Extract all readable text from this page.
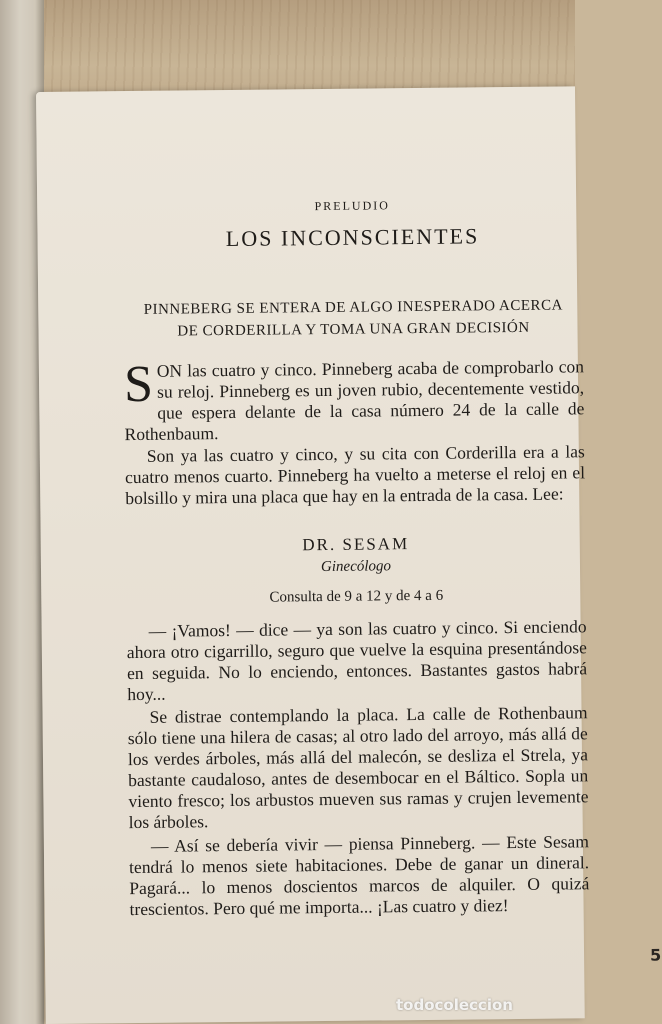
PRELUDIO
LOS INCONSCIENTES
PINNEBERG SE ENTERA DE ALGO INESPERADO ACERCA
DE CORDERILLA Y TOMA UNA GRAN DECISIÓN
SON las cuatro y cinco. Pinneberg acaba de comprobarlo con su reloj. Pinneberg es un joven rubio, decentemente vestido, que espera delante de la casa número 24 de la calle de Rothenbaum.
Son ya las cuatro y cinco, y su cita con Corderilla era a las cuatro menos cuarto. Pinneberg ha vuelto a meterse el reloj en el bolsillo y mira una placa que hay en la entrada de la casa. Lee:
DR. SESAM
Ginecólogo
Consulta de 9 a 12 y de 4 a 6
— ¡Vamos! — dice — ya son las cuatro y cinco. Si enciendo ahora otro cigarrillo, seguro que vuelve la esquina presentándose en seguida. No lo enciendo, entonces. Bastantes gastos habrá hoy...
Se distrae contemplando la placa. La calle de Rothenbaum sólo tiene una hilera de casas; al otro lado del arroyo, más allá de los verdes árboles, más allá del malecón, se desliza el Strela, ya bastante caudaloso, antes de desembocar en el Báltico. Sopla un viento fresco; los arbustos mueven sus ramas y crujen levemente los árboles.
— Así se debería vivir — piensa Pinneberg. — Este Sesam tendrá lo menos siete habitaciones. Debe de ganar un dineral. Pagará... lo menos doscientos marcos de alquiler. O quizá trescientos. Pero qué me importa... ¡Las cuatro y diez!
5
todocoleccion
